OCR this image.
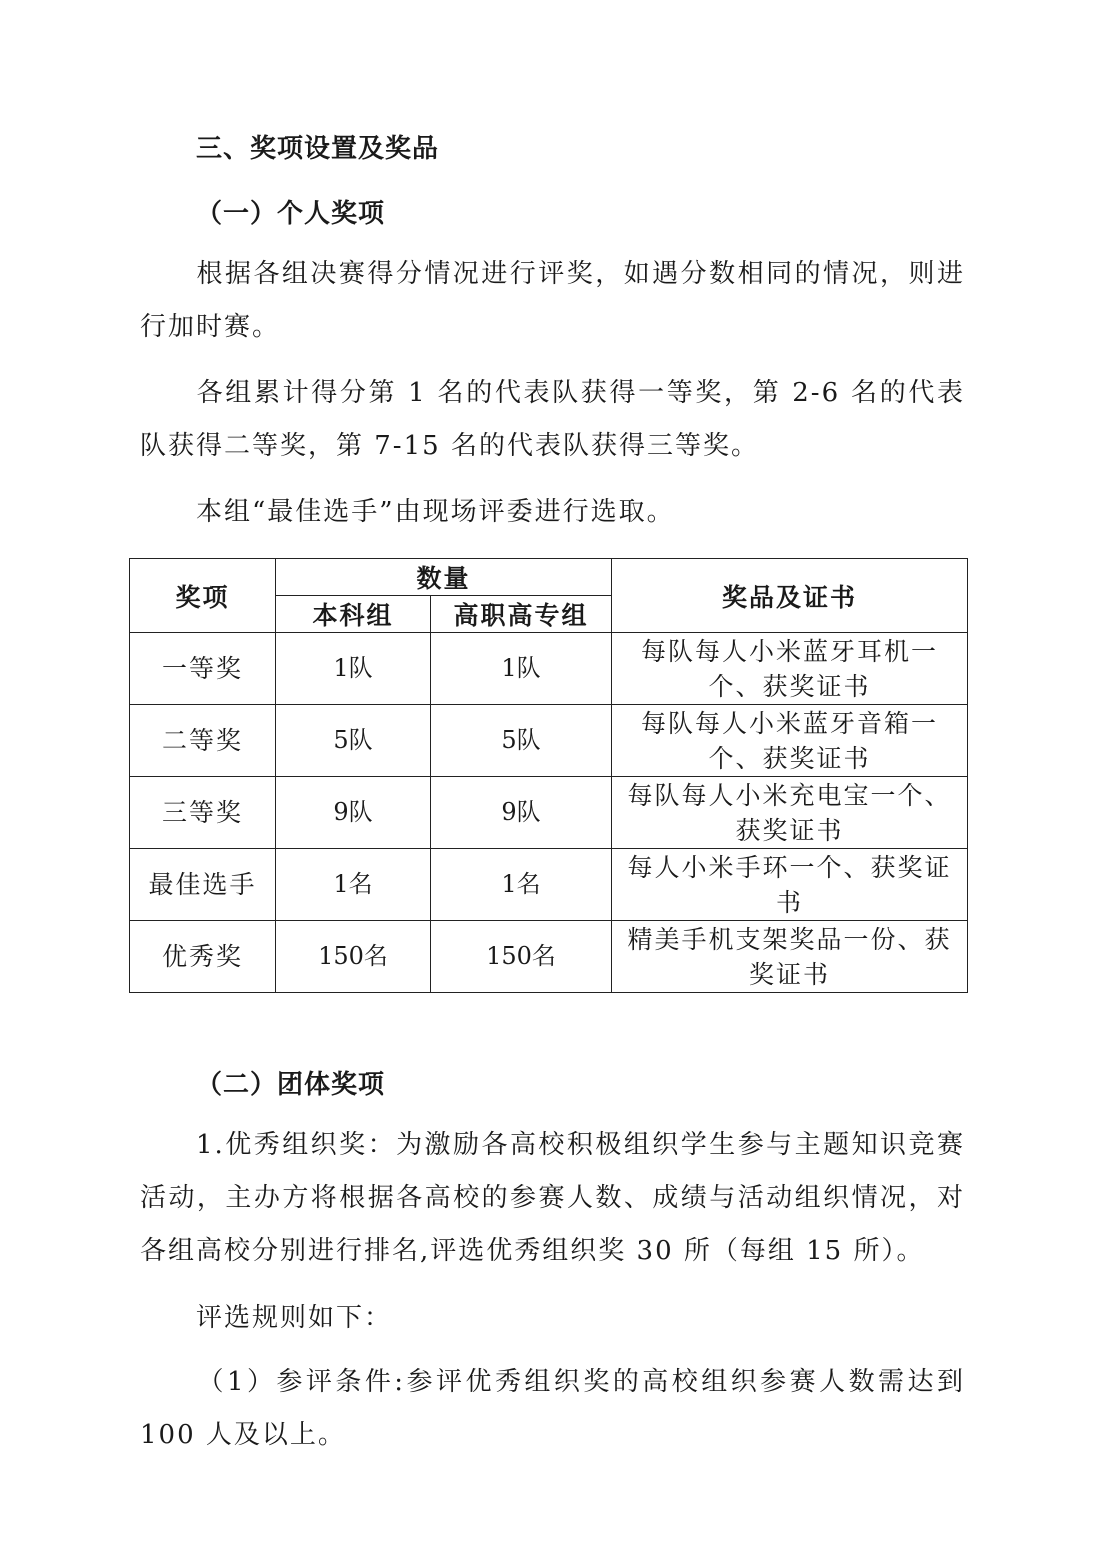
三、奖项设置及奖品
（一）个人奖项
根据各组决赛得分情况进行评奖，如遇分数相同的情况，则进行加时赛。
各组累计得分第 1 名的代表队获得一等奖，第 2-6 名的代表队获得二等奖，第 7-15 名的代表队获得三等奖。
本组“最佳选手”由现场评委进行选取。
奖项	数量		奖品及证书
	本科组	高职高专组	
一等奖	1队	1队	每队每人小米蓝牙耳机一个、获奖证书
二等奖	5队	5队	每队每人小米蓝牙音箱一个、获奖证书
三等奖	9队	9队	每队每人小米充电宝一个、获奖证书
最佳选手	1名	1名	每人小米手环一个、获奖证书
优秀奖	150名	150名	精美手机支架奖品一份、获奖证书
（二）团体奖项
1.优秀组织奖：为激励各高校积极组织学生参与主题知识竞赛活动，主办方将根据各高校的参赛人数、成绩与活动组织情况，对各组高校分别进行排名,评选优秀组织奖 30 所（每组 15 所）。
评选规则如下：
（1）参评条件:参评优秀组织奖的高校组织参赛人数需达到 100 人及以上。
